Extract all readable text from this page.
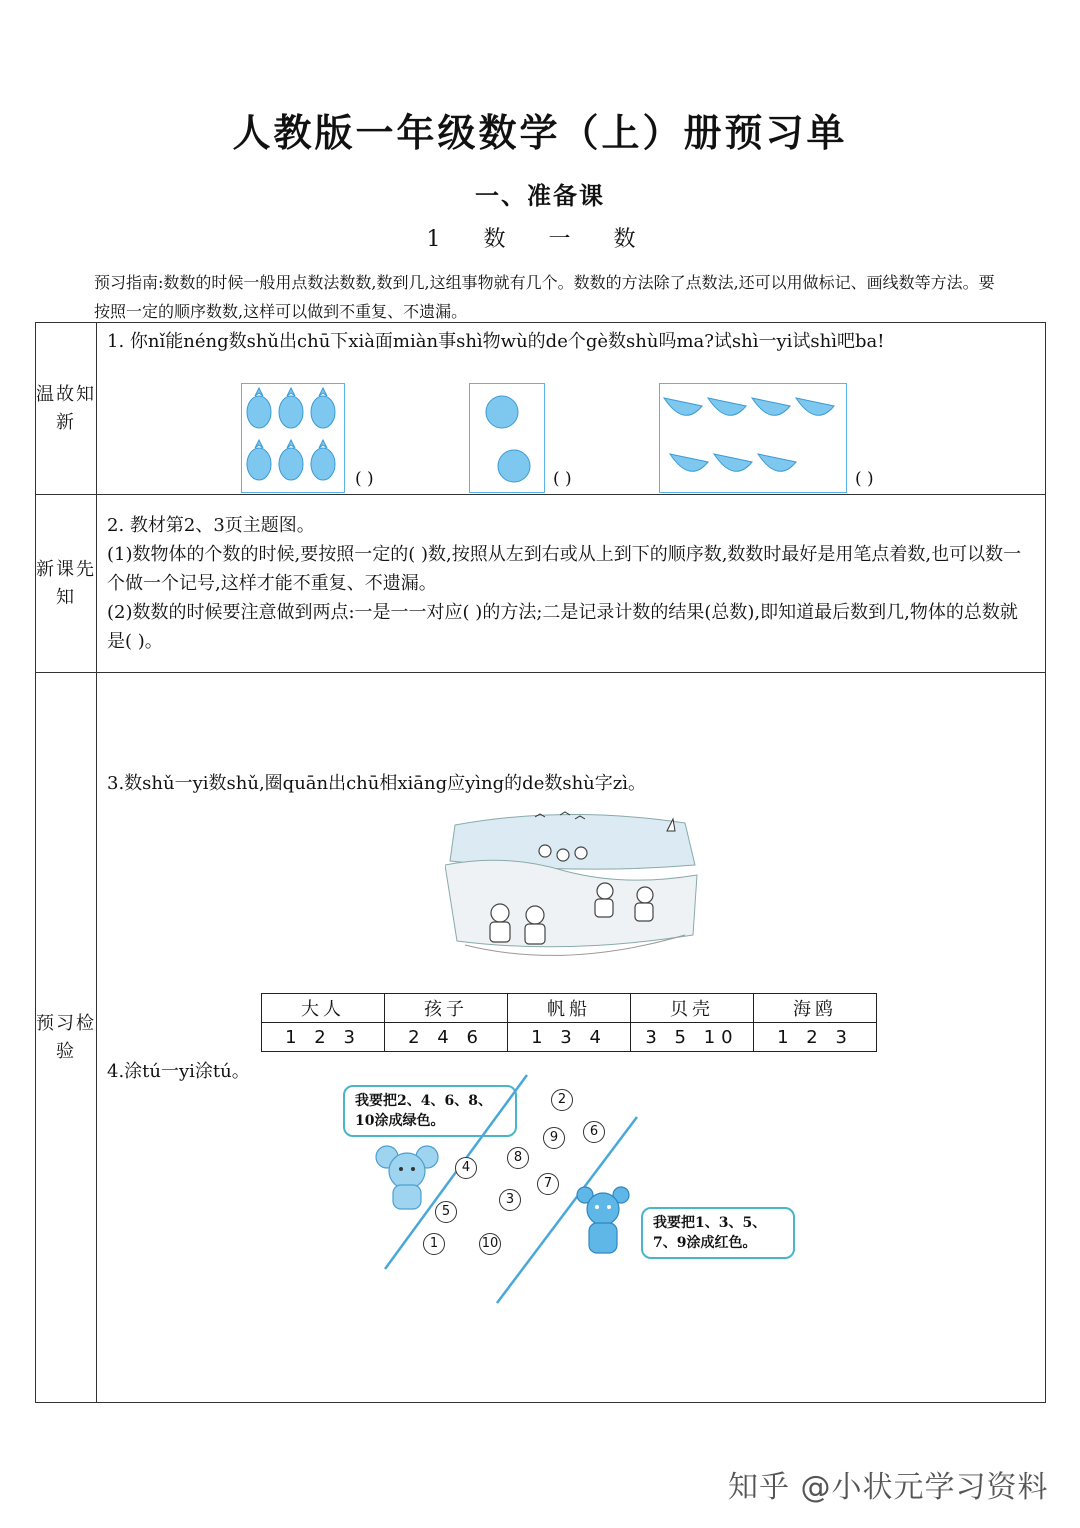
人教版一年级数学（上）册预习单
一、准备课
1 数 一 数
预习指南:数数的时候一般用点数法数数,数到几,这组事物就有几个。数数的方法除了点数法,还可以用做标记、画线数等方法。要按照一定的顺序数数,这样可以做到不重复、不遗漏。
温故知新	
1. 你nǐ能néng数shǔ出chū下xià面miàn事shì物wù的de个gè数shù吗ma?试shì一yi试shì吧ba!
( )	( )	( )

新课先知	
2. 教材第2、3页主题图。
(1)数物体的个数的时候,要按照一定的( )数,按照从左到右或从上到下的顺序数,数数时最好是用笔点着数,也可以数一个做一个记号,这样才能不重复、不遗漏。
(2)数数的时候要注意做到两点:一是一一对应( )的方法;二是记录计数的结果(总数),即知道最后数到几,物体的总数就是( )。

预习检验	
3.数shǔ一yi数shǔ,圈quān出chū相xiāng应yìng的de数shù字zì。
大人	孩子	帆船	贝壳	海鸥
1 2 3	2 4 6	1 3 4	3 5 10	1 2 3
4.涂tú一yi涂tú。
我要把2、4、6、8、10涂成绿色。
2
9	6
4
8
7
3
5
1	10
我要把1、3、5、7、9涂成红色。
知乎 @小状元学习资料
